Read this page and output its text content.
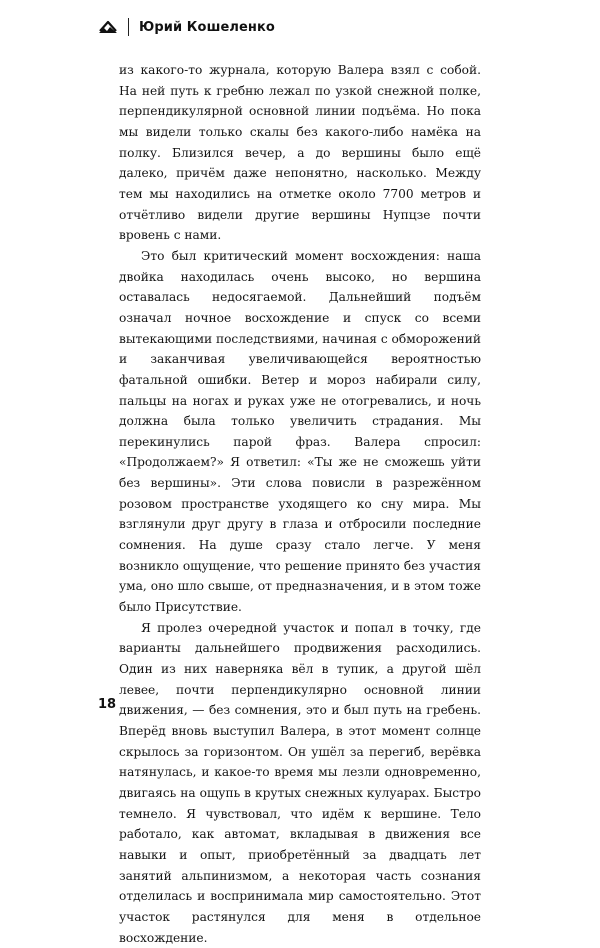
Юрий Кошеленко

из какого-то журнала, которую Валера взял с собой. На ней путь к гребню лежал по узкой снежной полке, перпендикулярной основной линии подъёма. Но пока мы видели только скалы без какого-либо намёка на полку. Близился вечер, а до вершины было ещё далеко, причём даже непонятно, насколько. Между тем мы находились на отметке около 7700 метров и отчётливо видели другие вершины Нупцзе почти вровень с нами.

Это был критический момент восхождения: наша двойка находилась очень высоко, но вершина оставалась недосягаемой. Дальнейший подъём означал ночное восхождение и спуск со всеми вытекающими последствиями, начиная с обморожений и заканчивая увеличивающейся вероятностью фатальной ошибки. Ветер и мороз набирали силу, пальцы на ногах и руках уже не отогревались, и ночь должна была только увеличить страдания. Мы перекинулись парой фраз. Валера спросил: «Продолжаем?» Я ответил: «Ты же не сможешь уйти без вершины». Эти слова повисли в разрежённом розовом пространстве уходящего ко сну мира. Мы взглянули друг другу в глаза и отбросили последние сомнения. На душе сразу стало легче. У меня возникло ощущение, что решение принято без участия ума, оно шло свыше, от предназначения, и в этом тоже было Присутствие.

Я пролез очередной участок и попал в точку, где варианты дальнейшего продвижения расходились. Один из них наверняка вёл в тупик, а другой шёл левее, почти перпендикулярно основной линии движения, — без сомнения, это и был путь на гребень. Вперёд вновь выступил Валера, в этот момент солнце скрылось за горизонтом. Он ушёл за перегиб, верёвка натянулась, и какое-то время мы лезли одновременно, двигаясь на ощупь в крутых снежных кулуарах. Быстро темнело. Я чувствовал, что идём к вершине. Тело работало, как автомат, вкладывая в движения все навыки и опыт, приобретённый за двадцать лет занятий альпинизмом, а некоторая часть сознания отделилась и воспринимала мир самостоятельно. Этот участок растянулся для меня в отдельное восхождение.

18
